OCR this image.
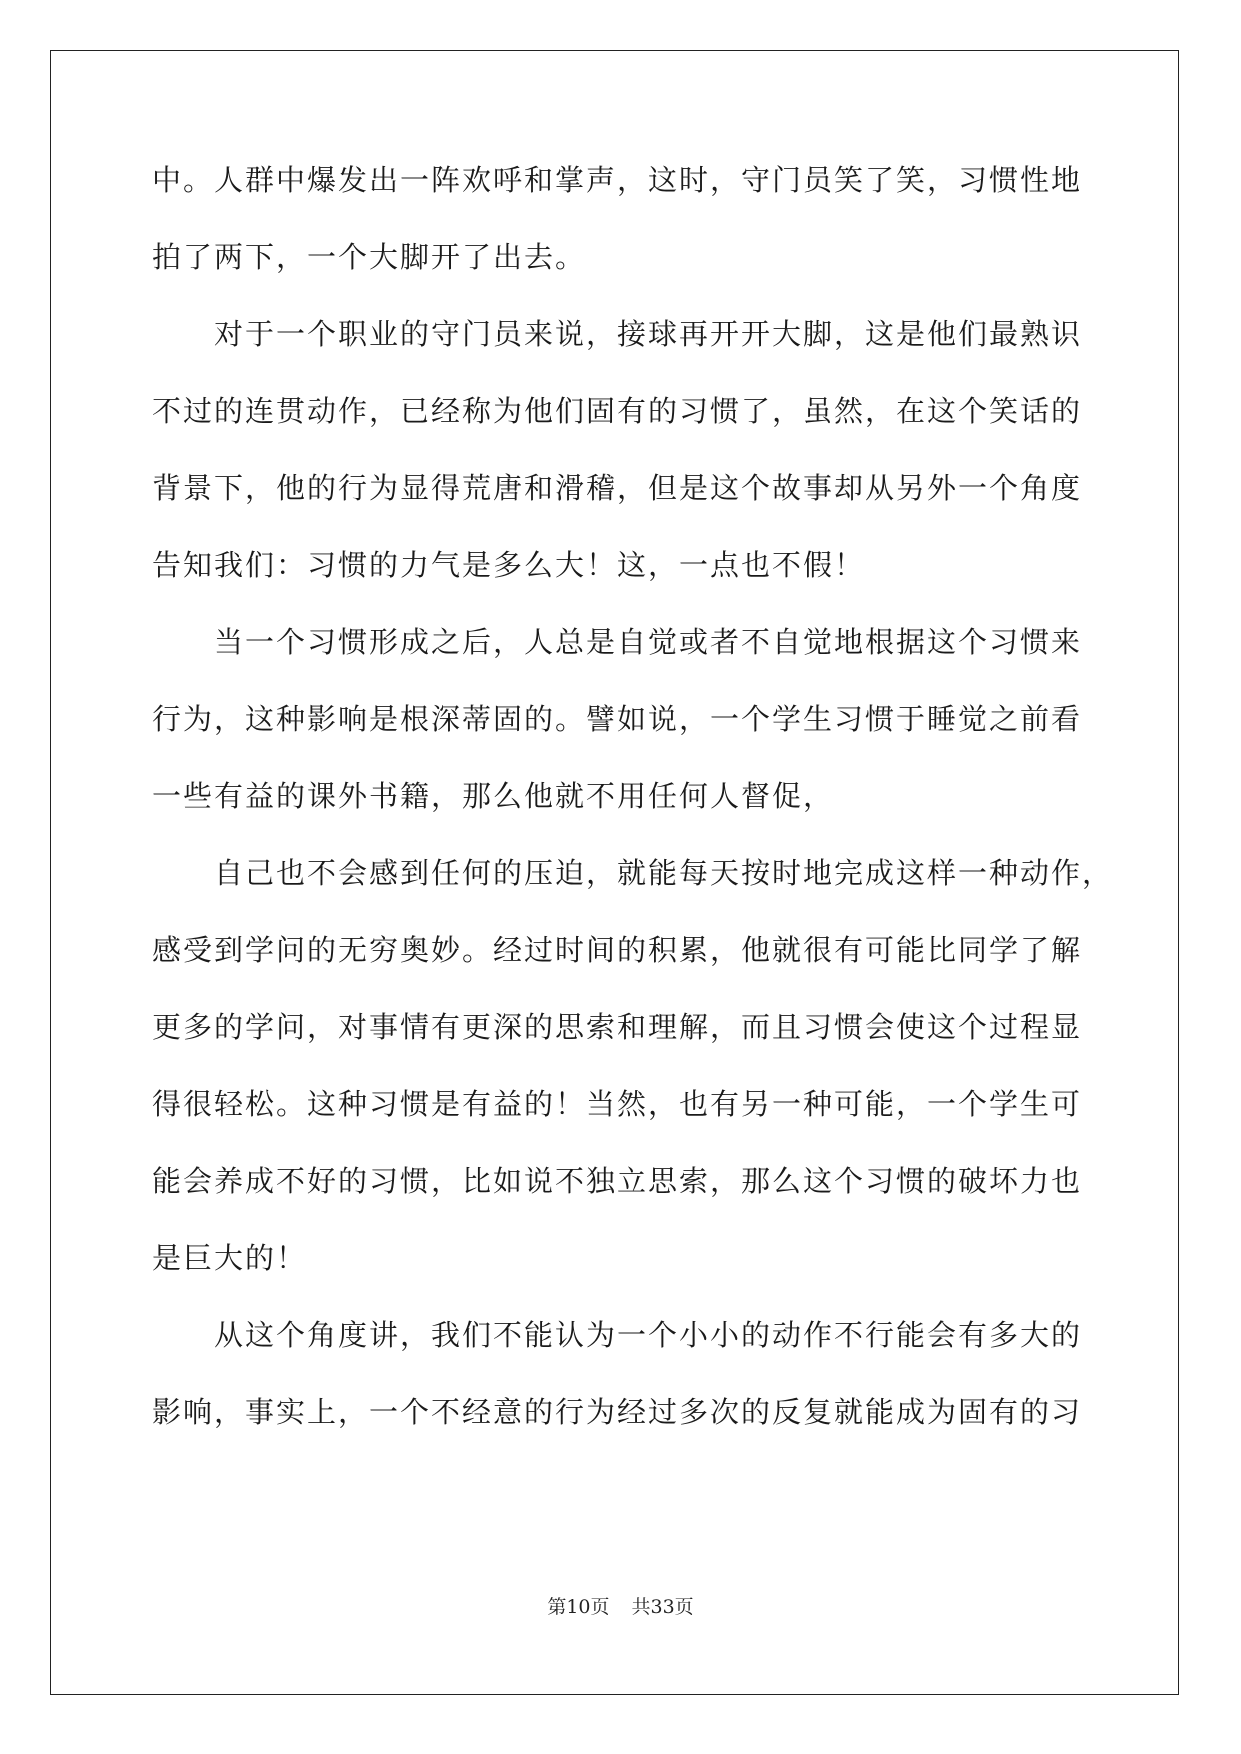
中。人群中爆发出一阵欢呼和掌声，这时，守门员笑了笑，习惯性地
拍了两下，一个大脚开了出去。
对于一个职业的守门员来说，接球再开开大脚，这是他们最熟识
不过的连贯动作，已经称为他们固有的习惯了，虽然，在这个笑话的
背景下，他的行为显得荒唐和滑稽，但是这个故事却从另外一个角度
告知我们：习惯的力气是多么大！这，一点也不假！
当一个习惯形成之后，人总是自觉或者不自觉地根据这个习惯来
行为，这种影响是根深蒂固的。譬如说，一个学生习惯于睡觉之前看
一些有益的课外书籍，那么他就不用任何人督促，
自己也不会感到任何的压迫，就能每天按时地完成这样一种动作，
感受到学问的无穷奥妙。经过时间的积累，他就很有可能比同学了解
更多的学问，对事情有更深的思索和理解，而且习惯会使这个过程显
得很轻松。这种习惯是有益的！当然，也有另一种可能，一个学生可
能会养成不好的习惯，比如说不独立思索，那么这个习惯的破坏力也
是巨大的！
从这个角度讲，我们不能认为一个小小的动作不行能会有多大的
影响，事实上，一个不经意的行为经过多次的反复就能成为固有的习
第10页 共33页
